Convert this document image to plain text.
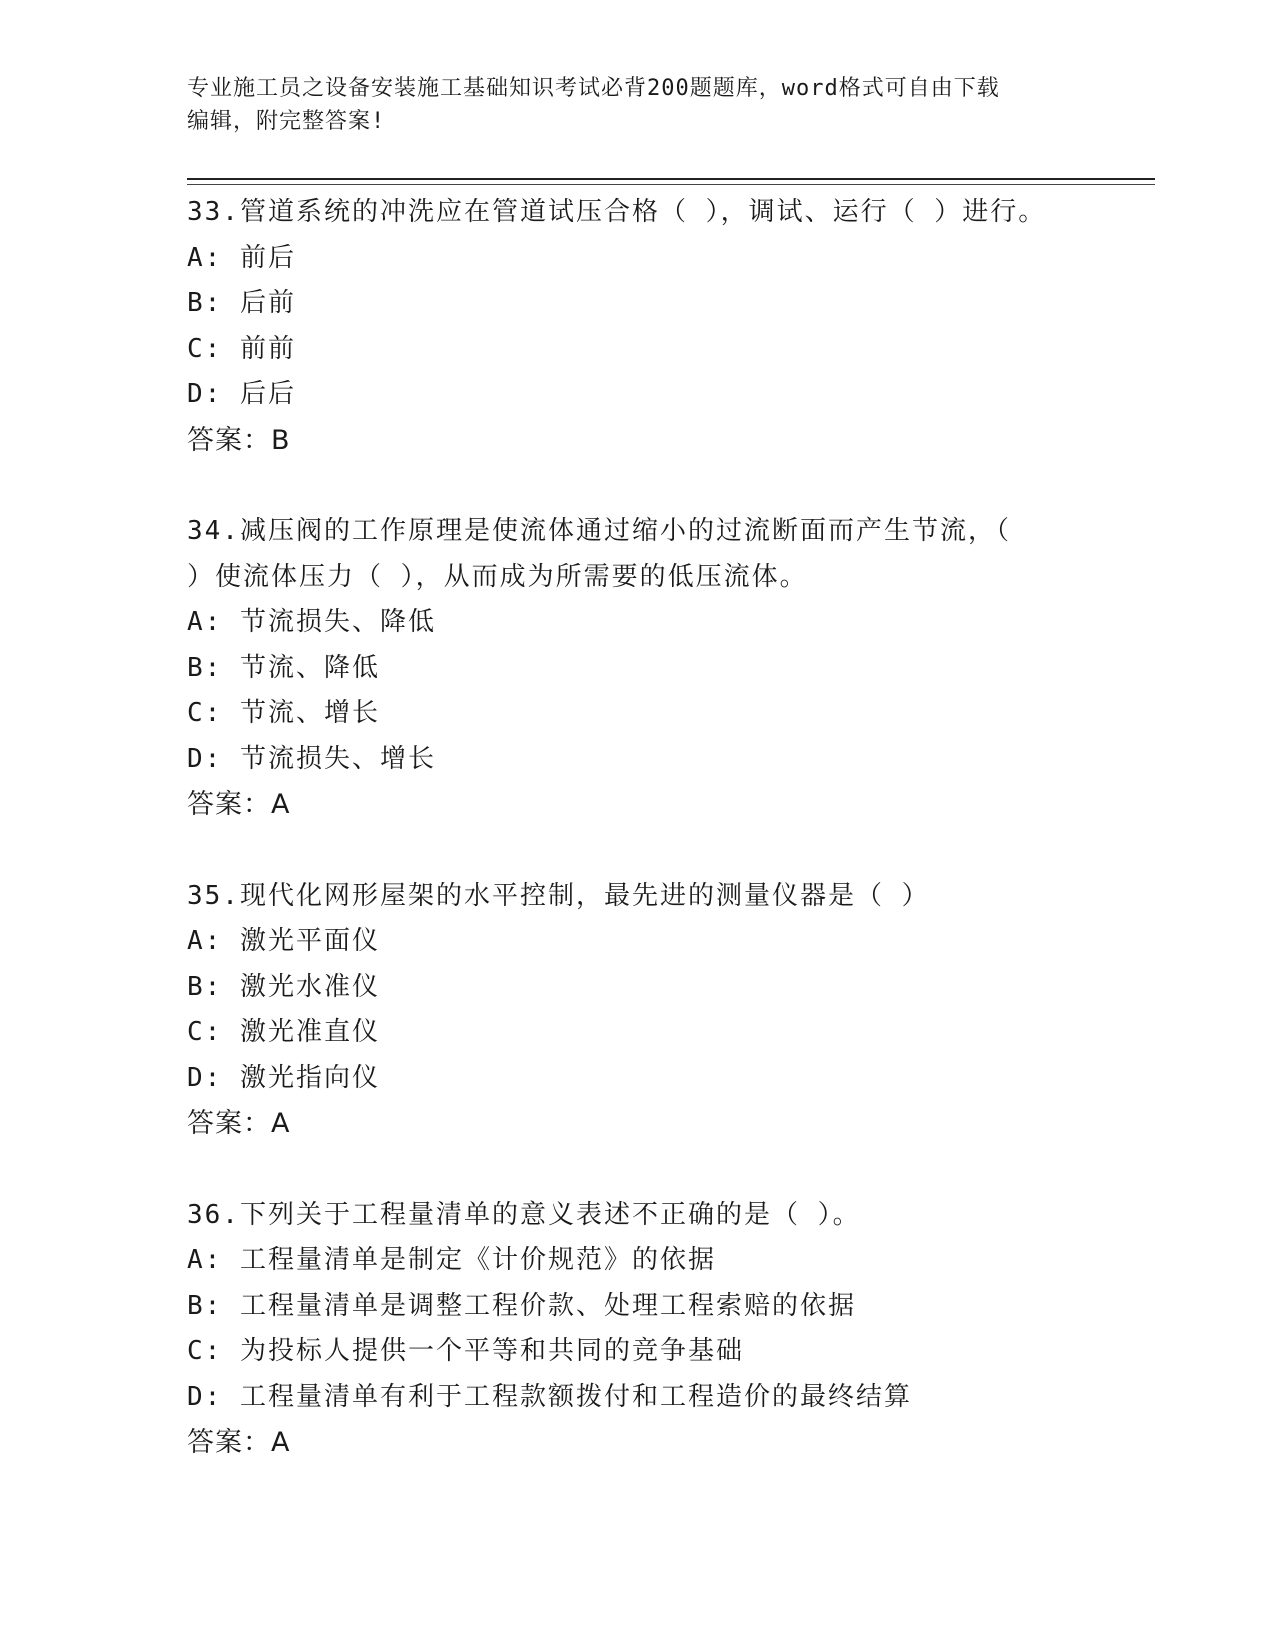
专业施工员之设备安装施工基础知识考试必背200题题库，word格式可自由下载
编辑，附完整答案!
33.管道系统的冲洗应在管道试压合格（ ），调试、运行（ ）进行。
A: 前后
B: 后前
C: 前前
D: 后后
答案：B
34.减压阀的工作原理是使流体通过缩小的过流断面而产生节流，（
）使流体压力（ ），从而成为所需要的低压流体。
A: 节流损失、降低
B: 节流、降低
C: 节流、增长
D: 节流损失、增长
答案：A
35.现代化网形屋架的水平控制，最先进的测量仪器是（ ）
A: 激光平面仪
B: 激光水准仪
C: 激光准直仪
D: 激光指向仪
答案：A
36.下列关于工程量清单的意义表述不正确的是（ ）。
A: 工程量清单是制定《计价规范》的依据
B: 工程量清单是调整工程价款、处理工程索赔的依据
C: 为投标人提供一个平等和共同的竞争基础
D: 工程量清单有利于工程款额拨付和工程造价的最终结算
答案：A
